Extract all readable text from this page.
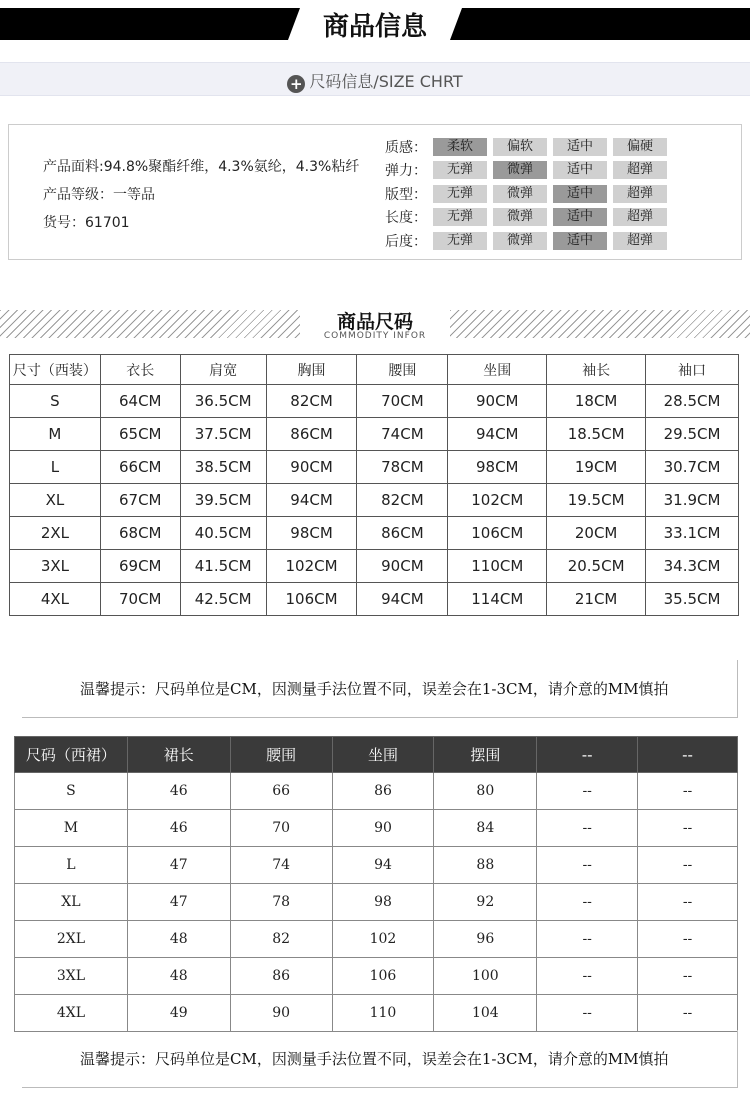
商品信息
+ 尺码信息/SIZE CHRT
产品面料:94.8%聚酯纤维，4.3%氨纶，4.3%粘纤
产品等级：一等品
货号：61701
质感：	柔软	偏软	适中	偏硬
弹力：	无弹	微弹	适中	超弹
版型：	无弹	微弹	适中	超弹
长度：	无弹	微弹	适中	超弹
后度：	无弹	微弹	适中	超弹
商品尺码
COMMODITY INFOR
尺寸（西装）	衣长	肩宽	胸围	腰围	坐围	袖长	袖口
S	64CM	36.5CM	82CM	70CM	90CM	18CM	28.5CM
M	65CM	37.5CM	86CM	74CM	94CM	18.5CM	29.5CM
L	66CM	38.5CM	90CM	78CM	98CM	19CM	30.7CM
XL	67CM	39.5CM	94CM	82CM	102CM	19.5CM	31.9CM
2XL	68CM	40.5CM	98CM	86CM	106CM	20CM	33.1CM
3XL	69CM	41.5CM	102CM	90CM	110CM	20.5CM	34.3CM
4XL	70CM	42.5CM	106CM	94CM	114CM	21CM	35.5CM
温馨提示：尺码单位是CM，因测量手法位置不同，误差会在1-3CM，请介意的MM慎拍
尺码（西裙）	裙长	腰围	坐围	摆围	--	--
S	46	66	86	80	--	--
M	46	70	90	84	--	--
L	47	74	94	88	--	--
XL	47	78	98	92	--	--
2XL	48	82	102	96	--	--
3XL	48	86	106	100	--	--
4XL	49	90	110	104	--	--
温馨提示：尺码单位是CM，因测量手法位置不同，误差会在1-3CM，请介意的MM慎拍
